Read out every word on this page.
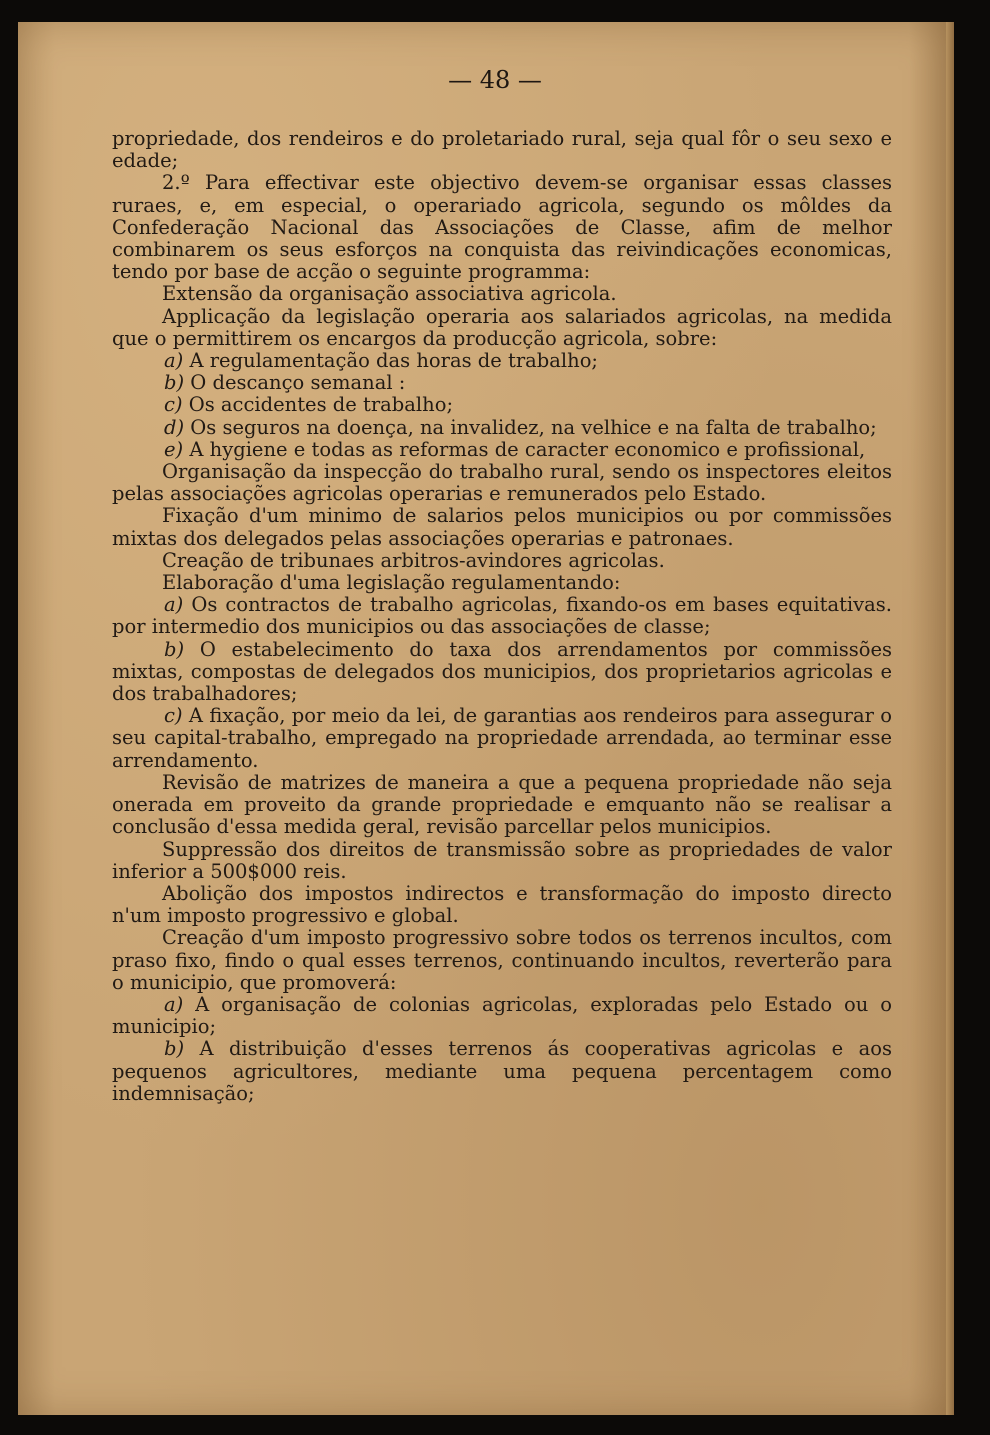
— 48 —

propriedade, dos rendeiros e do proletariado rural, seja qual fôr o seu sexo e edade;

2.º Para effectivar este objectivo devem-se organisar essas classes ruraes, e, em especial, o operariado agricola, segundo os môldes da Confederação Nacional das Associações de Classe, afim de melhor combinarem os seus esforços na conquista das reivindicações economicas, tendo por base de acção o seguinte programma:

Extensão da organisação associativa agricola.

Applicação da legislação operaria aos salariados agricolas, na medida que o permittirem os encargos da producção agricola, sobre:

a) A regulamentação das horas de trabalho;

b) O descanço semanal :

c) Os accidentes de trabalho;

d) Os seguros na doença, na invalidez, na velhice e na falta de trabalho;

e) A hygiene e todas as reformas de caracter economico e profissional,

Organisação da inspecção do trabalho rural, sendo os inspectores eleitos pelas associações agricolas operarias e remunerados pelo Estado.

Fixação d'um minimo de salarios pelos municipios ou por commissões mixtas dos delegados pelas associações operarias e patronaes.

Creação de tribunaes arbitros-avindores agricolas.

Elaboração d'uma legislação regulamentando:

a) Os contractos de trabalho agricolas, fixando-os em bases equitativas. por intermedio dos municipios ou das associações de classe;

b) O estabelecimento do taxa dos arrendamentos por commissões mixtas, compostas de delegados dos municipios, dos proprietarios agricolas e dos trabalhadores;

c) A fixação, por meio da lei, de garantias aos rendeiros para assegurar o seu capital-trabalho, empregado na propriedade arrendada, ao terminar esse arrendamento.

Revisão de matrizes de maneira a que a pequena propriedade não seja onerada em proveito da grande propriedade e emquanto não se realisar a conclusão d'essa medida geral, revisão parcellar pelos municipios.

Suppressão dos direitos de transmissão sobre as propriedades de valor inferior a 500$000 reis.

Abolição dos impostos indirectos e transformação do imposto directo n'um imposto progressivo e global.

Creação d'um imposto progressivo sobre todos os terrenos incultos, com praso fixo, findo o qual esses terrenos, continuando incultos, reverterão para o municipio, que promoverá:

a) A organisação de colonias agricolas, exploradas pelo Estado ou o municipio;

b) A distribuição d'esses terrenos ás cooperativas agricolas e aos pequenos agricultores, mediante uma pequena percentagem como indemnisação;
